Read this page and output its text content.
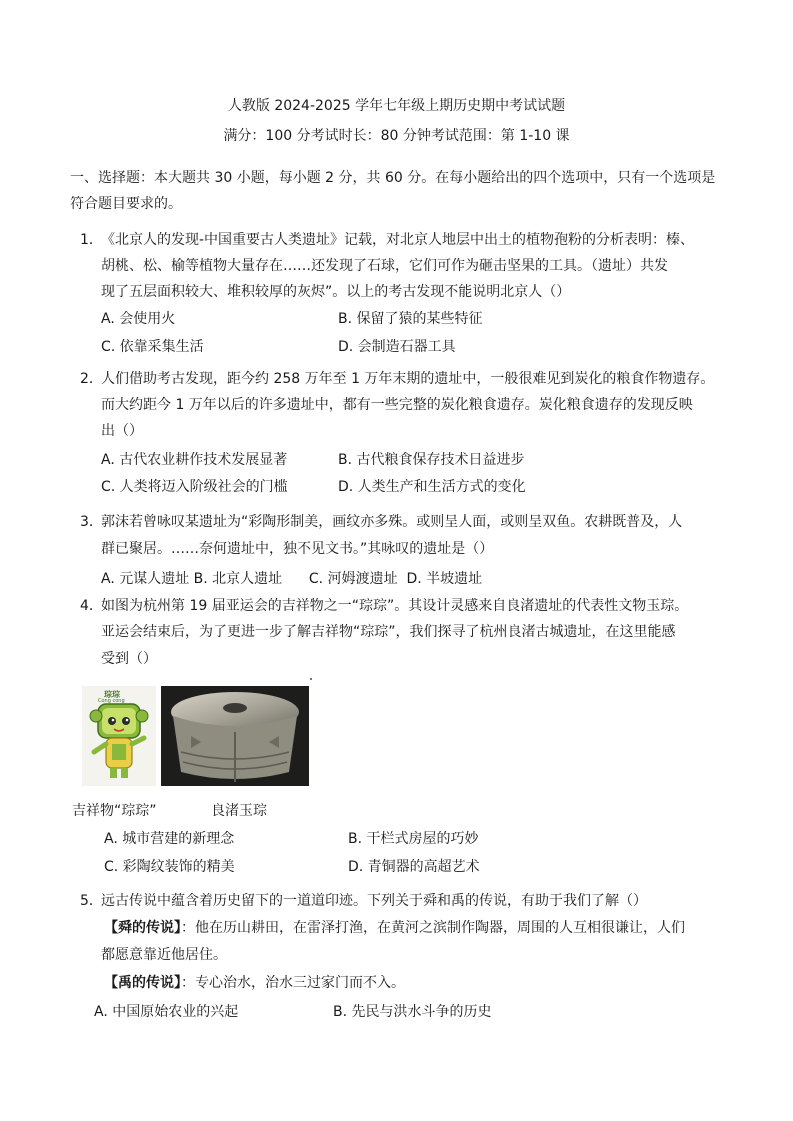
人教版 2024-2025 学年七年级上期历史期中考试试题
满分：100 分考试时长：80 分钟考试范围：第 1-10 课
一、选择题：本大题共 30 小题，每小题 2 分，共 60 分。在每小题给出的四个选项中，只有一个选项是
符合题目要求的。
1．
《北京人的发现-中国重要古人类遗址》记载，对北京人地层中出土的植物孢粉的分析表明：榛、
胡桃、松、榆等植物大量存在……还发现了石球，它们可作为砸击坚果的工具。（遗址）共发
现了五层面积较大、堆积较厚的灰烬”。以上的考古发现不能说明北京人（）
A. 会使用火	B. 保留了猿的某些特征
C. 依靠采集生活	D. 会制造石器工具
2．
人们借助考古发现，距今约 258 万年至 1 万年末期的遗址中，一般很难见到炭化的粮食作物遗存。
而大约距今 1 万年以后的许多遗址中，都有一些完整的炭化粮食遗存。炭化粮食遗存的发现反映
出（）
A. 古代农业耕作技术发展显著	B. 古代粮食保存技术日益进步
C. 人类将迈入阶级社会的门槛	D. 人类生产和生活方式的变化
3．
郭沫若曾咏叹某遗址为“彩陶形制美，画纹亦多殊。或则呈人面，或则呈双鱼。农耕既普及，人
群已聚居。……奈何遗址中，独不见文书。”其咏叹的遗址是（）
A. 元谋人遗址 B. 北京人遗址      C. 河姆渡遗址  D. 半坡遗址
4．
如图为杭州第 19 届亚运会的吉祥物之一“琮琮”。其设计灵感来自良渚遗址的代表性文物玉琮。
亚运会结束后，为了更进一步了解吉祥物“琮琮”，我们探寻了杭州良渚古城遗址，在这里能感
受到（）
琮琮
Cong cong
吉祥物“琮琮”	良渚玉琮
A. 城市营建的新理念	B. 干栏式房屋的巧妙
C. 彩陶纹装饰的精美	D. 青铜器的高超艺术
5．
远古传说中蕴含着历史留下的一道道印迹。下列关于舜和禹的传说，有助于我们了解（）
【舜的传说】：他在历山耕田，在雷泽打渔，在黄河之滨制作陶器，周围的人互相很谦让，人们
都愿意靠近他居住。
【禹的传说】：专心治水，治水三过家门而不入。
A. 中国原始农业的兴起	B. 先民与洪水斗争的历史
